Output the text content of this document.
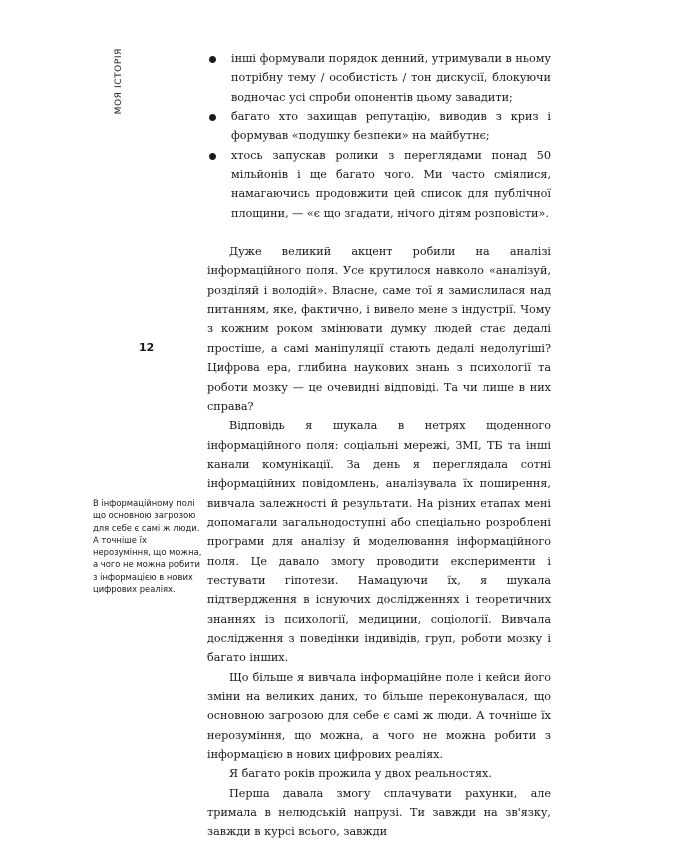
МОЯ ІСТОРІЯ
12
В інформаційному полі що основною загрозою для себе є самі ж люди. А точніше їх нерозуміння, що можна, а чого не можна робити з інформацією в нових цифрових реаліях.
інші формували порядок денний, утримували в ньому потрібну тему / особистість / тон дискусії, блокуючи водночас усі спроби опонентів цьому завадити;
багато хто захищав репутацію, виводив з криз і формував «подушку безпеки» на майбутнє;
хтось запускав ролики з переглядами понад 50 мільйонів і ще багато чого. Ми часто сміялися, намагаючись продовжити цей список для публічної площини, — «є що згадати, нічого дітям розповісти».

Дуже великий акцент робили на аналізі інформаційного поля. Усе крутилося навколо «аналізуй, розділяй і володій». Власне, саме тої я замислилася над питанням, яке, фактично, і вивело мене з індустрії. Чому з кожним роком змінювати думку людей стає дедалі простіше, а самі маніпуляції стають дедалі недолугіші? Цифрова ера, глибина наукових знань з психології та роботи мозку — це очевидні відповіді. Та чи лише в них справа?

Відповідь я шукала в нетрях щоденного інформаційного поля: соціальні мережі, ЗМІ, ТБ та інші канали комунікації. За день я переглядала сотні інформаційних повідомлень, аналізувала їх поширення, вивчала залежності й результати. На різних етапах мені допомагали загальнодоступні або спеціально розроблені програми для аналізу й моделювання інформаційного поля. Це давало змогу проводити експерименти і тестувати гіпотези. Намацуючи їх, я шукала підтвердження в існуючих дослідженнях і теоретичних знаннях із психології, медицини, соціології. Вивчала дослідження з поведінки індивідів, груп, роботи мозку і багато інших.

Що більше я вивчала інформаційне поле і кейси його зміни на великих даних, то більше переконувалася, що основною загрозою для себе є самі ж люди. А точніше їх нерозуміння, що можна, а чого не можна робити з інформацією в нових цифрових реаліях.

Я багато років прожила у двох реальностях.

Перша давала змогу сплачувати рахунки, але тримала в нелюдській напрузі. Ти завжди на зв'язку, завжди в курсі всього, завжди
